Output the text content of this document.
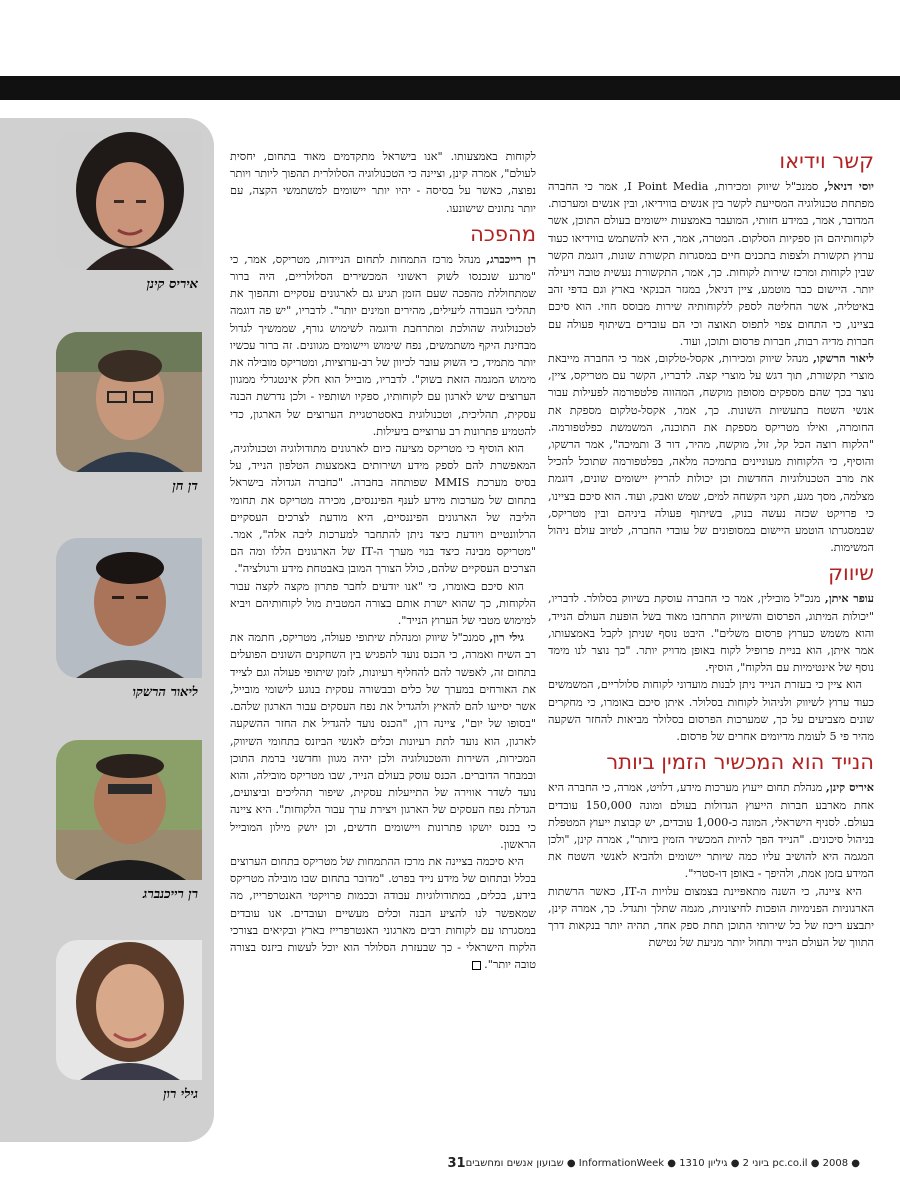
איריס קינן
דן חן
ליאור הרשקו
רן רייכנברג
גילי רון
קשר וידיאו

יוסי דניאל, סמנכ"ל שיווק ומכירות, I Point Media, אמר כי החברה מפתחת טכנולוגיה המסייעת לקשר בין אנשים בווידיאו, ובין אנשים ומערכות. המדובר, אמר, במידע חזותי, המועבר באמצעות יישומים בעולם התוכן, אשר לקוחותיהם הן ספקיות הסלקום. המטרה, אמר, היא להשתמש בווידיאו כעוד ערוץ תקשורת ולצפות בתכנים חיים במסגרות תקשורת שונות, דוגמת הקשר שבין לקוחות ומרכז שירות לקוחות. כך, אמר, התקשורת נעשית טובה ויעילה יותר. היישום כבר מוטמע, ציין דניאל, במגזר הבנקאי בארץ וגם בדפי זהב באיטליה, אשר החליטה לספק ללקוחותיה שירות מבוסס חוזי. הוא סיכם בציינו, כי התחום צפוי לתפוס תאוצה וכי הם עובדים בשיתוף פעולה עם חברות מדיה רבות, חברות פרסום ותוכן, ועוד.

ליאור הרשקו, מנהל שיווק ומכירות, אקסל-טלקום, אמר כי החברה מייבאת מוצרי תקשורת, תוך דגש על מוצרי קצה. לדבריו, הקשר עם מטריקס, ציין, נוצר בכך שהם מספקים מסופון מוקשח, המהווה פלטפורמה לפעילות עבור אנשי השטח בתעשיות השונות. כך, אמר, אקסל-טלקום מספקת את החומרה, ואילו מטריקס מספקת את התוכנה, המשמשת כפלטפורמה. "הלקוח רוצה הכל קל, זול, מוקשח, מהיר, דור 3 ותמיכה", אמר הרשקו, והוסיף, כי הלקוחות מעוניינים בתמיכה מלאה, בפלטפורמה שתוכל להכיל את מרב הטכנולוגיות החדשות וכן יכולות להריץ יישומים שונים, דוגמת מצלמה, מסך מגע, תקני הקשחה למים, שמש ואבק, ועוד. הוא סיכם בציינו, כי פרויקט שכזה נעשה בנוק, בשיתוף פעולה ביניהם ובין מטריקס, שבמסגרתו הוטמע היישום במסופונים של עובדי החברה, לטיוב עולם ניהול המשימות.

שיווק

עופר איתן, מנכ"ל מובילין, אמר כי החברה עוסקת בשיווק בסלולר. לדבריו, "יכולות המיתוג, הפרסום והשיווק התרחבו מאוד בשל הופעת העולם הנייד, והוא משמש כערוץ פרסום משלים". היבט נוסף שניתן לקבל באמצעותו, אמר איתן, הוא בניית פרופיל לקוח באופן מדויק יותר. "כך נוצר לנו מימד נוסף של אינטימיות עם הלקוח", הוסיף.

הוא ציין כי בעזרת הנייד ניתן לבנות מועדוני לקוחות סלולריים, המשמשים כעוד ערוץ לשיווק ולניהול לקוחות בסלולר. איתן סיכם באומרו, כי מחקרים שונים מצביעים על כך, שמערכות הפרסום בסלולר מביאות להחזר השקעה מהיר פי 5 לעומת מדיומים אחרים של פרסום.

הנייד הוא המכשיר הזמין ביותר

איריס קינן, מנהלת תחום ייעוץ מערכות מידע, דלויט, אמרה, כי החברה היא אחת מארבע חברות הייעוץ הגדולות בעולם ומונה 150,000 עובדים בעולם. לסניף הישראלי, המונה כ-1,000 עובדים, יש קבוצת ייעוץ המטפלת בניהול סיכונים. "הנייד הפך להיות המכשיר הזמין ביותר", אמרה קינן, "ולכן המגמה היא להושיב עליו כמה שיותר יישומים ולהביא לאנשי השטח את המידע בזמן אמת, ולהיפך - באופן דו-סטרי".

היא ציינה, כי השנה מתאפיינת בצמצום עלויות ה-IT, כאשר הרשתות הארגוניות הפנימיות הופכות לחיצוניות, מגמה שתלך ותגדל. כך, אמרה קינן, יתבצע ריכוז של כל שירותי התוכן תחת ספק אחד, תהיה יותר בנקאות דרך התווך של העולם הנייד ותחול יותר מניעת של נטישת

לקוחות באמצעותו. "אנו בישראל מתקדמים מאוד בתחום, יחסית לעולם", אמרה קינן, וציינה כי הטכנולוגיה הסלולרית תהפוך ליותר ויותר נפוצה, כאשר על בסיסה - יהיו יותר יישומים למשתמשי הקצה, עם יותר נתונים שישונעו.

מהפכה

רן רייכברג, מנהל מרכז התמחות לתחום הניידות, מטריקס, אמר, כי "מרגע שנכנסו לשוק ראשוני המכשירים הסלולריים, היה ברור שמתחוללת מהפכה שעם הזמן תגיע גם לארגונים עסקיים ותהפוך את תהליכי העבודה ליעילים, מהירים וזמינים יותר". לדבריו, "יש פה דוגמה לטכנולוגיה שהולכת ומתרחבת ודוגמה לשימוש גורף, שממשיך לגדול מבחינת היקף משתמשים, נפח שימוש ויישומים מגוונים. זה ברור עכשיו יותר מתמיד, כי השוק עובר לכיוון של רב-ערוציות, ומטריקס מובילה את מימוש המגמה הזאת בשוק". לדבריו, מובייל הוא חלק אינטגרלי ממגוון הערוצים שיש לארגון עם לקוחותיו, ספקיו ושותפיו - ולכן נדרשת הבנה עסקית, תהליכית, וטכנולוגית באסטרטגיית הערוצים של הארגון, כדי להטמיע פתרונות רב ערוציים ביעילות.

הוא הוסיף כי מטריקס מציעה כיום לארגונים מתודולוגיה וטכנולוגיה, המאפשרת להם לספק מידע ושירותים באמצעות הטלפון הנייד, על בסיס מערכת MMIS שפותחה בחברה. "כחברה הגדולה בישראל בתחום של מערכות מידע לענף הפיננסים, מכירה מטריקס את תחומי הליבה של הארגונים הפיננסיים, היא מודעת לצרכים העסקיים הרלוונטיים ויודעת כיצד ניתן להתחבר למערכות ליבה אלה", אמר. "מטריקס מבינה כיצד בנוי מערך ה-IT של הארגונים הללו ומה הם הצרכים העסקיים שלהם, כולל הצורך המובן באבטחת מידע ורגולציה".

הוא סיכם באומרו, כי "אנו יודעים לחבר פתרון מקצה לקצה עבור הלקוחות, כך שהוא ישרת אותם בצורה המטבית מול לקוחותיהם ויביא למימוש מטבי של הערוץ הנייד".

גילי רון, סמנכ"ל שיווק ומנהלת שיתופי פעולה, מטריקס, חתמה את רב השיח ואמרה, כי הכנס נועד להפגיש בין השחקנים השונים הפועלים בתחום זה, לאפשר להם להחליף רעיונות, לזמן שיתופי פעולה וגם לצייד את האורחים במערך של כלים ובבשורה עסקית בנוגע לישומי מובייל, אשר יסייעו להם להאיץ ולהגדיל את נפח העסקים עבור הארגון שלהם. "בסופו של יום", ציינה רון, "הכנס נועד להגדיל את החזר ההשקעה לארגון, הוא נועד לתת רעיונות וכלים לאנשי הביזנס בתחומי השיווק, המכירות, השירות והטכנולוגיה ולכן יהיה מגוון וחדשני ברמת התוכן ובמבחר הדוברים. הכנס עוסק בעולם הנייד, שבו מטריקס מובילה, והוא נועד לשדר אווירה של התייעלות עסקית, שיפור תהליכים וביצועים, הגדלת נפח העסקים של הארגון ויצירת ערך עבור הלקוחות". היא ציינה כי בכנס יושקו פתרונות ויישומים חדשים, וכן יושק מילון המובייל הראשון.

היא סיכמה בציינה את מרכז ההתמחות של מטריקס בתחום הערוצים בכלל ובתחום של מידע נייד בפרט. "מדובר בתחום שבו מובילה מטריקס בידע, בכלים, במתודולוגיות עבודה ובכמות פרויקטי האנטרפרייז, מה שמאפשר לנו להציע הבנה וכלים מעשיים ועובדים. אנו עובדים במסגרתו עם לקוחות רבים מארגוני האנטרפרייז בארץ ובקיאים בצורכי הלקוח הישראלי - כך שבעזרת הסלולר הוא יוכל לעשות ביזנס בצורה טובה יותר".

● pc.co.il ● 2008 ביוני 2 ● גיליון 1310 ● InformationWeek ● שבועון אנשים ומחשבים
31
